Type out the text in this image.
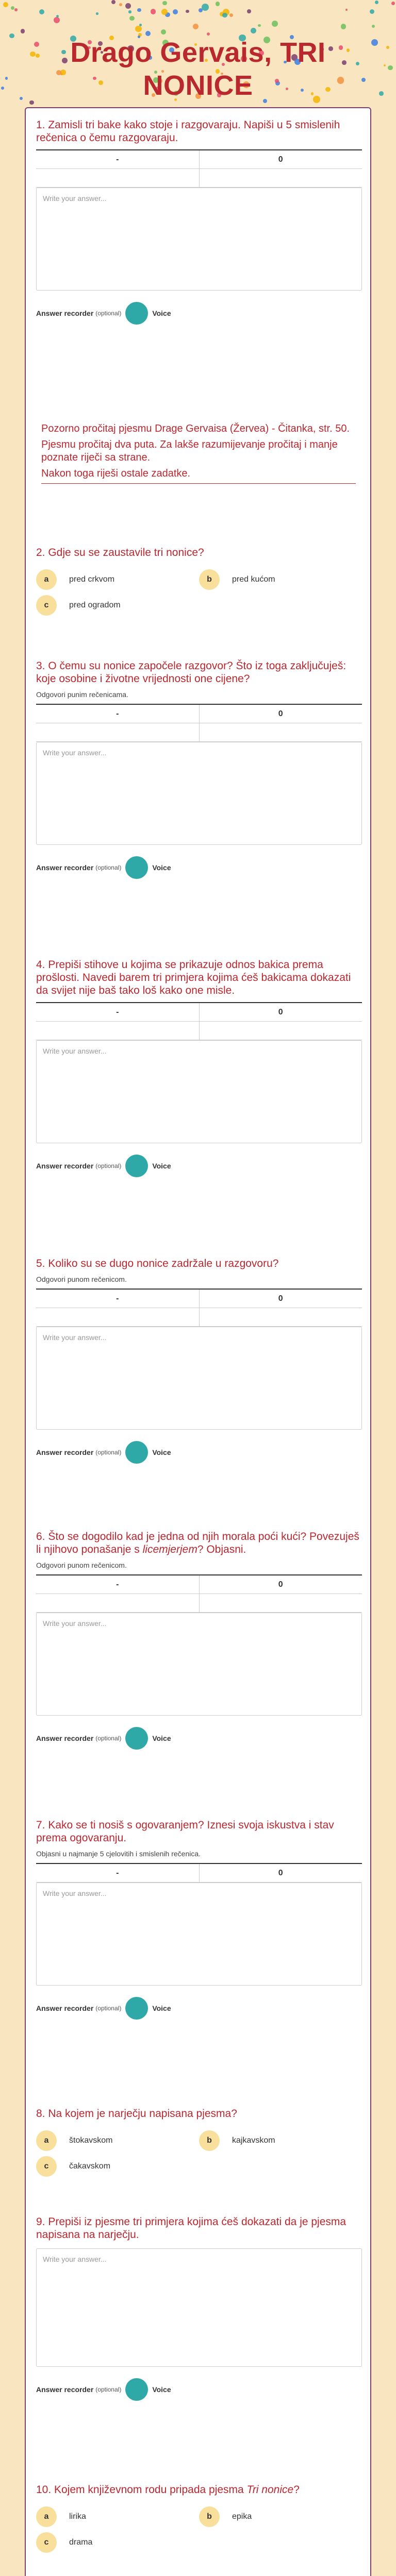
Drago Gervais, TRI NONICE
1. Zamisli tri bake kako stoje i razgovaraju. Napiši u 5 smislenih rečenica o čemu razgovaraju.
-	0
Write your answer...
Answer recorder (optional)	Voice

Pozorno pročitaj pjesmu Drage Gervaisa (Žerveа) - Čitanka, str. 50.

Pjesmu pročitaj dva puta. Za lakše razumijevanje pročitaj i manje poznate riječi sa strane.

Nakon toga riješi ostale zadatke.

2. Gdje su se zaustavile tri nonice?
a	pred crkvom	b	pred kućom
c	pred ogradom
3. O čemu su nonice započele razgovor? Što iz toga zaključuješ: koje osobine i životne vrijednosti one cijene?
Odgovori punim rečenicama.
-	0
Write your answer...
Answer recorder (optional)	Voice
4. Prepiši stihove u kojima se prikazuje odnos bakica prema prošlosti. Navedi barem tri primjera kojima ćeš bakicama dokazati da svijet nije baš tako loš kako one misle.
-	0
Write your answer...
Answer recorder (optional)	Voice
5. Koliko su se dugo nonice zadržale u razgovoru?
Odgovori punom rečenicom.
-	0
Write your answer...
Answer recorder (optional)	Voice
6. Što se dogodilo kad je jedna od njih morala poći kući? Povezuješ li njihovo ponašanje s licemjerjem? Objasni.
Odgovori punom rečenicom.
-	0
Write your answer...
Answer recorder (optional)	Voice
7. Kako se ti nosiš s ogovaranjem? Iznesi svoja iskustva i stav prema ogovaranju.
Objasni u najmanje 5 cjelovitih i smislenih rečenica.
-	0
Write your answer...
Answer recorder (optional)	Voice
8. Na kojem je narječju napisana pjesma?
a	štokavskom	b	kajkavskom
c	čakavskom
9. Prepiši iz pjesme tri primjera kojima ćeš dokazati da je pjesma napisana na narječju.
Write your answer...
Answer recorder (optional)	Voice
10. Kojem književnom rodu pripada pjesma Tri nonice?
a	lirika	b	epika
c	drama
